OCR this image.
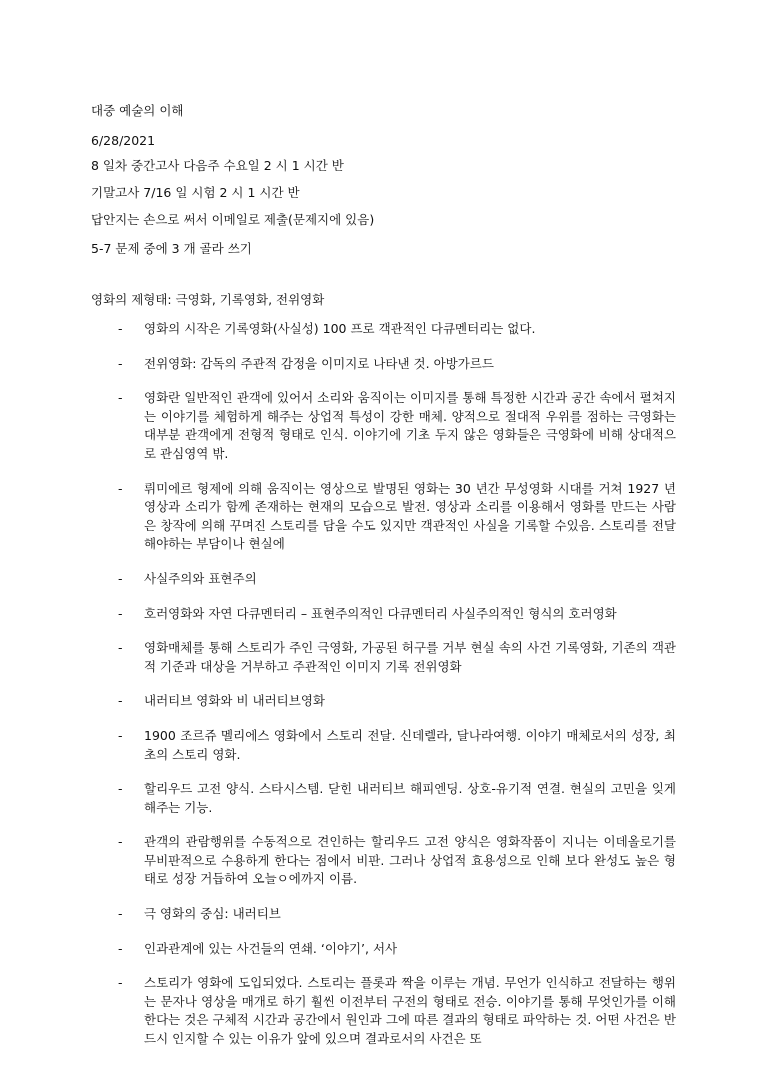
대중 예술의 이해

6/28/2021

8 일차 중간고사 다음주 수요일 2 시 1 시간 반

기말고사 7/16 일 시험 2 시 1 시간 반

답안지는 손으로 써서 이메일로 제출(문제지에 있음)

5-7 문제 중에 3 개 골라 쓰기

영화의 제형태: 극영화, 기록영화, 전위영화

- 영화의 시작은 기록영화(사실성) 100 프로 객관적인 다큐멘터리는 없다.
- 전위영화: 감독의 주관적 감정을 이미지로 나타낸 것. 아방가르드
- 영화란 일반적인 관객에 있어서 소리와 움직이는 이미지를 통해 특정한 시간과 공간 속에서 펼쳐지는 이야기를 체험하게 해주는 상업적 특성이 강한 매체. 양적으로 절대적 우위를 점하는 극영화는 대부분 관객에게 전형적 형태로 인식. 이야기에 기초 두지 않은 영화들은 극영화에 비해 상대적으로 관심영역 밖.
- 뤼미에르 형제에 의해 움직이는 영상으로 발명된 영화는 30 년간 무성영화 시대를 거쳐 1927 년 영상과 소리가 함께 존재하는 현재의 모습으로 발전. 영상과 소리를 이용해서 영화를 만드는 사람은 창작에 의해 꾸며진 스토리를 담을 수도 있지만 객관적인 사실을 기록할 수있음. 스토리를 전달해야하는 부담이나 현실에
- 사실주의와 표현주의
- 호러영화와 자연 다큐멘터리 – 표현주의적인 다큐멘터리 사실주의적인 형식의 호러영화
- 영화매체를 통해 스토리가 주인 극영화, 가공된 허구를 거부 현실 속의 사건 기록영화, 기존의 객관적 기준과 대상을 거부하고 주관적인 이미지 기록 전위영화
- 내러티브 영화와 비 내러티브영화
- 1900 조르쥬 멜리에스 영화에서 스토리 전달. 신데렐라, 달나라여행. 이야기 매체로서의 성장, 최초의 스토리 영화.
- 할리우드 고전 양식. 스타시스템. 닫힌 내러티브 해피엔딩. 상호-유기적 연결. 현실의 고민을 잊게 해주는 기능.
- 관객의 관람행위를 수동적으로 견인하는 할리우드 고전 양식은 영화작품이 지니는 이데올로기를 무비판적으로 수용하게 한다는 점에서 비판. 그러나 상업적 효용성으로 인해 보다 완성도 높은 형태로 성장 거듭하여 오늘ㅇ에까지 이름.
- 극 영화의 중심: 내러티브
- 인과관계에 있는 사건들의 연쇄. ‘이야기’, 서사
- 스토리가 영화에 도입되었다. 스토리는 플롯과 짝을 이루는 개념. 무언가 인식하고 전달하는 행위는 문자나 영상을 매개로 하기 훨씬 이전부터 구전의 형태로 전승. 이야기를 통해 무엇인가를 이해한다는 것은 구체적 시간과 공간에서 원인과 그에 따른 결과의 형태로 파악하는 것. 어떤 사건은 반드시 인지할 수 있는 이유가 앞에 있으며 결과로서의 사건은 또
